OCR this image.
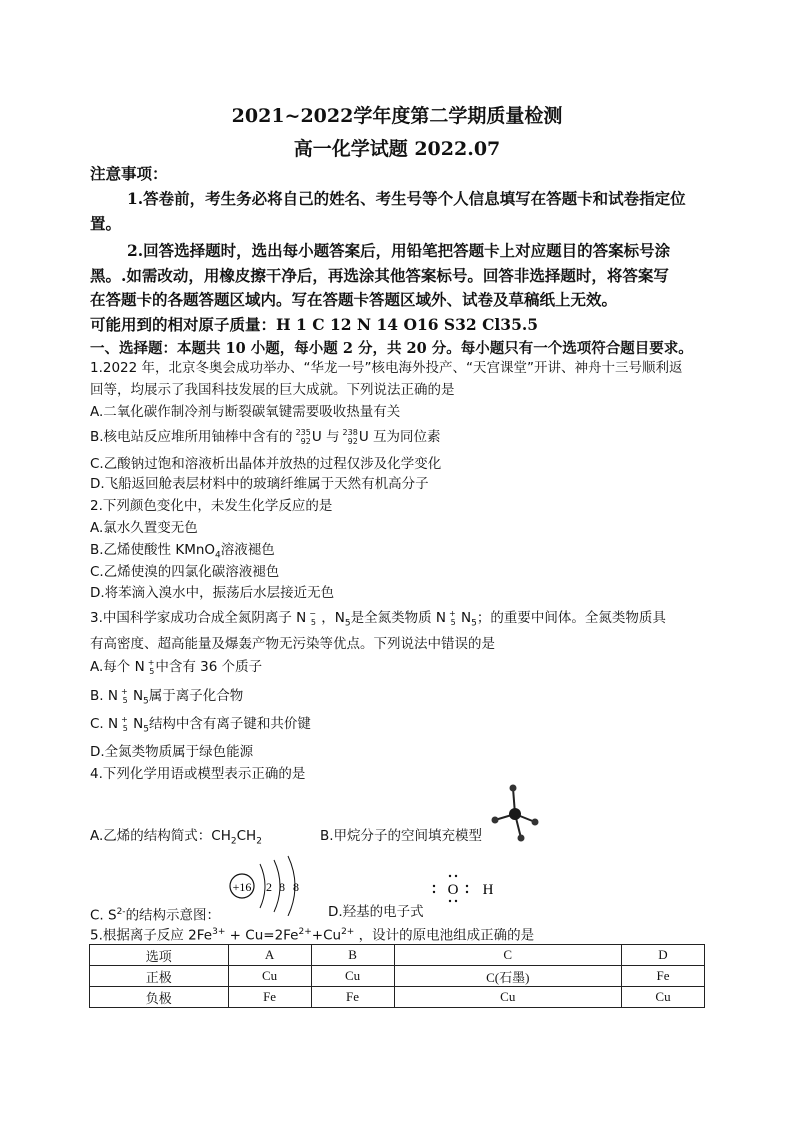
2021~2022学年度第二学期质量检测
高一化学试题 2022.07
注意事项：
1.答卷前，考生务必将自己的姓名、考生号等个人信息填写在答题卡和试卷指定位
置。
2.回答选择题时，选出每小题答案后，用铅笔把答题卡上对应题目的答案标号涂
黑。.如需改动，用橡皮擦干净后，再选涂其他答案标号。回答非选择题时，将答案写
在答题卡的各题答题区域内。写在答题卡答题区域外、试卷及草稿纸上无效。
可能用到的相对原子质量：H 1 C 12 N 14 O16 S32 Cl35.5
一、选择题：本题共 10 小题，每小题 2 分，共 20 分。每小题只有一个选项符合题目要求。
1.2022 年，北京冬奥会成功举办、“华龙一号”核电海外投产、“天宫课堂”开讲、神舟十三号顺利返
回等，均展示了我国科技发展的巨大成就。下列说法正确的是
A.二氧化碳作制冷剂与断裂碳氧键需要吸收热量有关
B.核电站反应堆所用铀棒中含有的 235
92U 与 238
92U 互为同位素
C.乙酸钠过饱和溶液析出晶体并放热的过程仅涉及化学变化
D.飞船返回舱表层材料中的玻璃纤维属于天然有机高分子
2.下列颜色变化中，未发生化学反应的是
A.氯水久置变无色
B.乙烯使酸性 KMnO$_4$溶液褪色
C.乙烯使溴的四氯化碳溶液褪色
D.将苯滴入溴水中，振荡后水层接近无色
3.中国科学家成功合成全氮阴离子 N −
5 ，$N_5$是全氮类物质 N +
5 $N_5$；的重要中间体。全氮类物质具
有高密度、超高能量及爆轰产物无污染等优点。下列说法中错误的是
A.每个 N +
5中含有 36 个质子
B. N +
5 $N_5$属于离子化合物
C. N +
5 $N_5$结构中含有离子键和共价键
D.全氮类物质属于绿色能源
4.下列化学用语或模型表示正确的是
A.乙烯的结构简式：$CH_2CH_2$	B.甲烷分子的空间填充模型
+16 2 8 8
C. $S^{2-}$的结构示意图：	D.羟基的电子式
O H
5.根据离子反应 $2Fe^{3+} + Cu=2Fe^{2+}+Cu^{2+}$ ，设计的原电池组成正确的是
选项	A	B	C	D
正极	Cu	Cu	C(石墨)	Fe
负极	Fe	Fe	Cu	Cu
